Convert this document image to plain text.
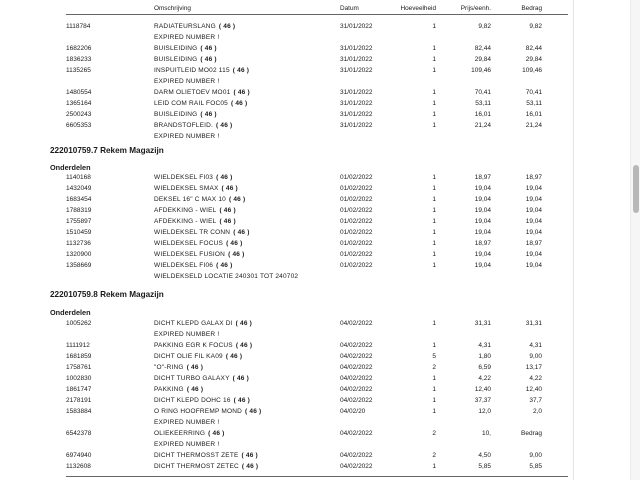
Omschrijving	Datum	Hoeveelheid	Prijs/eenh.	Bedrag
1118784	RADIATEURSLANG ( 46 )	31/01/2022	1	9,82	9,82
EXPIRED NUMBER !
1682206	BUISLEIDING ( 46 )	31/01/2022	1	82,44	82,44
1836233	BUISLEIDING ( 46 )	31/01/2022	1	29,84	29,84
1135265	INSPUITLEID MO02 115 ( 46 )	31/01/2022	1	109,46	109,46
EXPIRED NUMBER !
1480554	DARM OLIETOEV MO01 ( 46 )	31/01/2022	1	70,41	70,41
1365164	LEID COM RAIL FOC05 ( 46 )	31/01/2022	1	53,11	53,11
2500243	BUISLEIDING ( 46 )	31/01/2022	1	16,01	16,01
6605353	BRANDSTOFLEID. ( 46 )	31/01/2022	1	21,24	21,24
EXPIRED NUMBER !
222010759.7 Rekem Magazijn
Onderdelen
1140168	WIELDEKSEL FI03 ( 46 )	01/02/2022	1	18,97	18,97
1432049	WIELDEKSEL SMAX ( 46 )	01/02/2022	1	19,04	19,04
1683454	DEKSEL 16" C MAX 10 ( 46 )	01/02/2022	1	19,04	19,04
1788319	AFDEKKING - WIEL ( 46 )	01/02/2022	1	19,04	19,04
1755897	AFDEKKING - WIEL ( 46 )	01/02/2022	1	19,04	19,04
1510459	WIELDEKSEL TR CONN ( 46 )	01/02/2022	1	19,04	19,04
1132736	WIELDEKSEL FOCUS ( 46 )	01/02/2022	1	18,97	18,97
1320900	WIELDEKSEL FUSION ( 46 )	01/02/2022	1	19,04	19,04
1358669	WIELDEKSEL FI06 ( 46 )	01/02/2022	1	19,04	19,04
WIELDEKSELD LOCATIE 240301 TOT 240702
222010759.8 Rekem Magazijn
Onderdelen
1005262	DICHT KLEPD GALAX DI ( 46 )	04/02/2022	1	31,31	31,31
EXPIRED NUMBER !
1111912	PAKKING EGR K FOCUS ( 46 )	04/02/2022	1	4,31	4,31
1681859	DICHT OLIE FIL KA09 ( 46 )	04/02/2022	5	1,80	9,00
1758761	"O"-RING ( 46 )	04/02/2022	2	6,59	13,17
1002830	DICHT TURBO GALAXY ( 46 )	04/02/2022	1	4,22	4,22
1861747	PAKKING ( 46 )	04/02/2022	1	12,40	12,40
2178191	DICHT KLEPD DOHC 16 ( 46 )	04/02/2022	1	37,37	37,7
1583884	O RING HOOFREMP MOND ( 46 )	04/02/20	1	12,0	2,0
EXPIRED NUMBER !
6542378	OLIEKEERRING ( 46 )	04/02/2022	2	10,	Bedrag
EXPIRED NUMBER !
6974940	DICHT THERMOSST ZETE ( 46 )	04/02/2022	2	4,50	9,00
1132608	DICHT THERMOST ZETEC ( 46 )	04/02/2022	1	5,85	5,85
